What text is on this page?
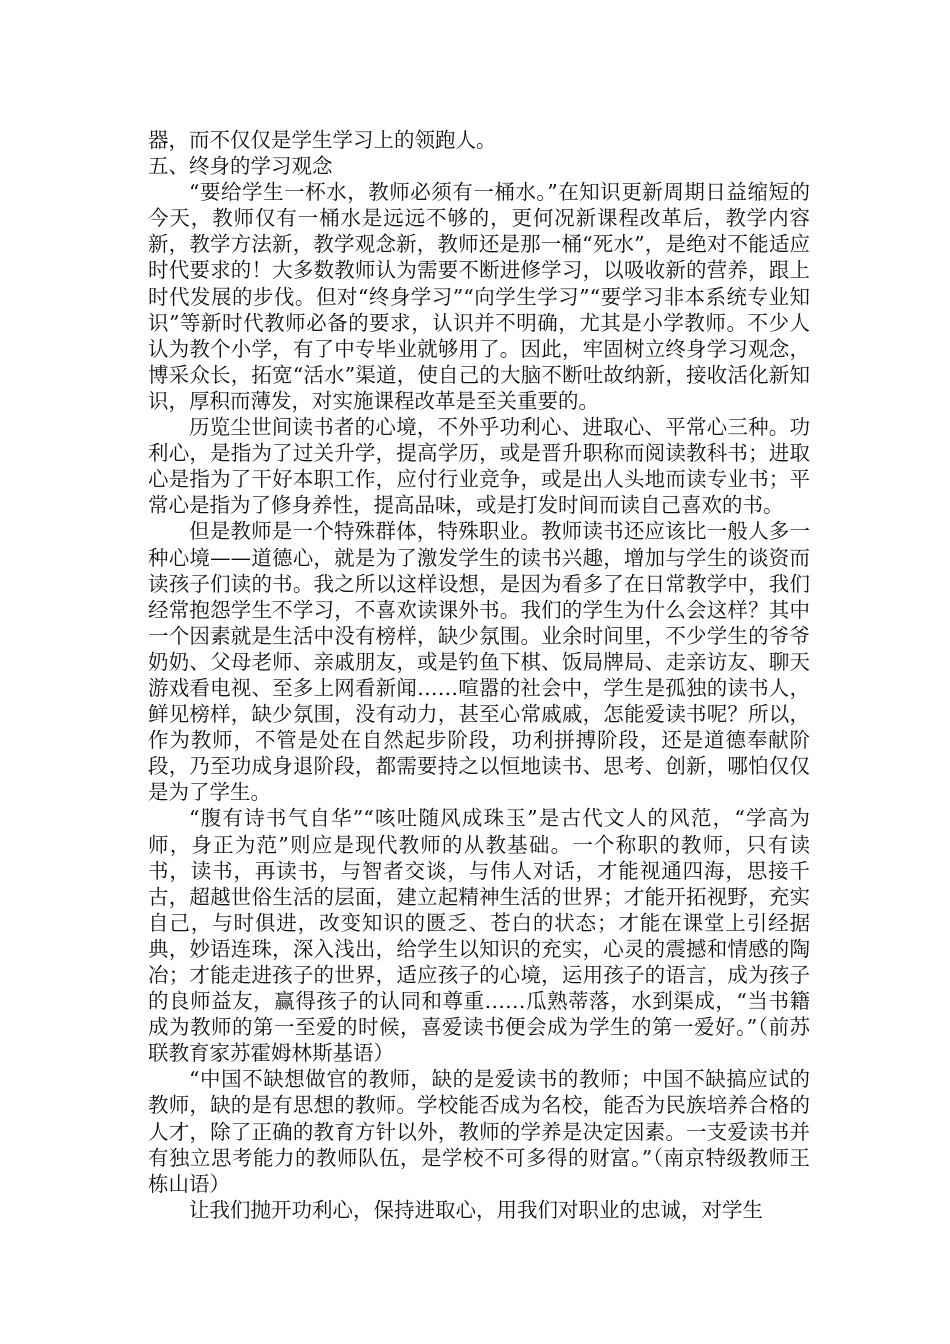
器，而不仅仅是学生学习上的领跑人。

五、终身的学习观念

“要给学生一杯水，教师必须有一桶水。”在知识更新周期日益缩短的今天，教师仅有一桶水是远远不够的，更何况新课程改革后，教学内容新，教学方法新，教学观念新，教师还是那一桶“死水”，是绝对不能适应时代要求的！大多数教师认为需要不断进修学习，以吸收新的营养，跟上时代发展的步伐。但对“终身学习”“向学生学习”“要学习非本系统专业知识”等新时代教师必备的要求，认识并不明确，尤其是小学教师。不少人认为教个小学，有了中专毕业就够用了。因此，牢固树立终身学习观念，博采众长，拓宽“活水”渠道，使自己的大脑不断吐故纳新，接收活化新知识，厚积而薄发，对实施课程改革是至关重要的。

历览尘世间读书者的心境，不外乎功利心、进取心、平常心三种。功利心，是指为了过关升学，提高学历，或是晋升职称而阅读教科书；进取心是指为了干好本职工作，应付行业竞争，或是出人头地而读专业书；平常心是指为了修身养性，提高品味，或是打发时间而读自己喜欢的书。

但是教师是一个特殊群体，特殊职业。教师读书还应该比一般人多一种心境——道德心，就是为了激发学生的读书兴趣，增加与学生的谈资而读孩子们读的书。我之所以这样设想，是因为看多了在日常教学中，我们经常抱怨学生不学习，不喜欢读课外书。我们的学生为什么会这样？其中一个因素就是生活中没有榜样，缺少氛围。业余时间里，不少学生的爷爷奶奶、父母老师、亲戚朋友，或是钓鱼下棋、饭局牌局、走亲访友、聊天游戏看电视、至多上网看新闻……喧嚣的社会中，学生是孤独的读书人，鲜见榜样，缺少氛围，没有动力，甚至心常戚戚，怎能爱读书呢？所以，作为教师，不管是处在自然起步阶段，功利拼搏阶段，还是道德奉献阶段，乃至功成身退阶段，都需要持之以恒地读书、思考、创新，哪怕仅仅是为了学生。

“腹有诗书气自华”“咳吐随风成珠玉”是古代文人的风范，“学高为师，身正为范”则应是现代教师的从教基础。一个称职的教师，只有读书，读书，再读书，与智者交谈，与伟人对话，才能视通四海，思接千古，超越世俗生活的层面，建立起精神生活的世界；才能开拓视野，充实自己，与时俱进，改变知识的匮乏、苍白的状态；才能在课堂上引经据典，妙语连珠，深入浅出，给学生以知识的充实，心灵的震撼和情感的陶冶；才能走进孩子的世界，适应孩子的心境，运用孩子的语言，成为孩子的良师益友，赢得孩子的认同和尊重……瓜熟蒂落，水到渠成，“当书籍成为教师的第一至爱的时候，喜爱读书便会成为学生的第一爱好。”（前苏联教育家苏霍姆林斯基语）

“中国不缺想做官的教师，缺的是爱读书的教师；中国不缺搞应试的教师，缺的是有思想的教师。学校能否成为名校，能否为民族培养合格的人才，除了正确的教育方针以外，教师的学养是决定因素。一支爱读书并有独立思考能力的教师队伍，是学校不可多得的财富。”（南京特级教师王栋山语）

让我们抛开功利心，保持进取心，用我们对职业的忠诚，对学生
